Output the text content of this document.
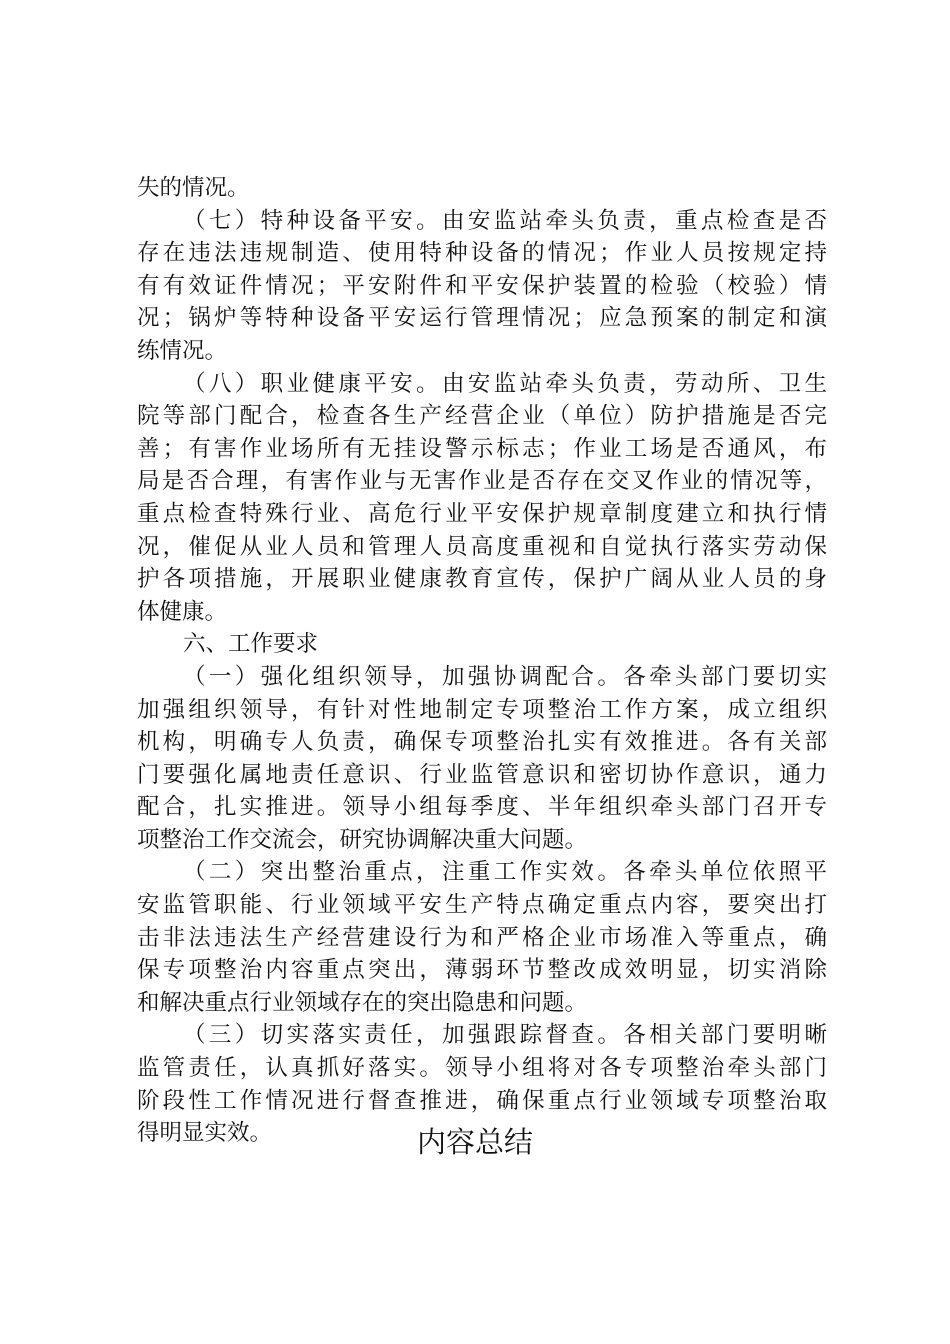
失的情况。
（七）特种设备平安。由安监站牵头负责，重点检查是否
存在违法违规制造、使用特种设备的情况；作业人员按规定持
有有效证件情况；平安附件和平安保护装置的检验（校验）情
况；锅炉等特种设备平安运行管理情况；应急预案的制定和演
练情况。
（八）职业健康平安。由安监站牵头负责，劳动所、卫生
院等部门配合，检查各生产经营企业（单位）防护措施是否完
善；有害作业场所有无挂设警示标志；作业工场是否通风，布
局是否合理，有害作业与无害作业是否存在交叉作业的情况等，
重点检查特殊行业、高危行业平安保护规章制度建立和执行情
况，催促从业人员和管理人员高度重视和自觉执行落实劳动保
护各项措施，开展职业健康教育宣传，保护广阔从业人员的身
体健康。
六、工作要求
（一）强化组织领导，加强协调配合。各牵头部门要切实
加强组织领导，有针对性地制定专项整治工作方案，成立组织
机构，明确专人负责，确保专项整治扎实有效推进。各有关部
门要强化属地责任意识、行业监管意识和密切协作意识，通力
配合，扎实推进。领导小组每季度、半年组织牵头部门召开专
项整治工作交流会，研究协调解决重大问题。
（二）突出整治重点，注重工作实效。各牵头单位依照平
安监管职能、行业领域平安生产特点确定重点内容，要突出打
击非法违法生产经营建设行为和严格企业市场准入等重点，确
保专项整治内容重点突出，薄弱环节整改成效明显，切实消除
和解决重点行业领域存在的突出隐患和问题。
（三）切实落实责任，加强跟踪督查。各相关部门要明晰
监管责任，认真抓好落实。领导小组将对各专项整治牵头部门
阶段性工作情况进行督查推进，确保重点行业领域专项整治取
得明显实效。	内容总结
